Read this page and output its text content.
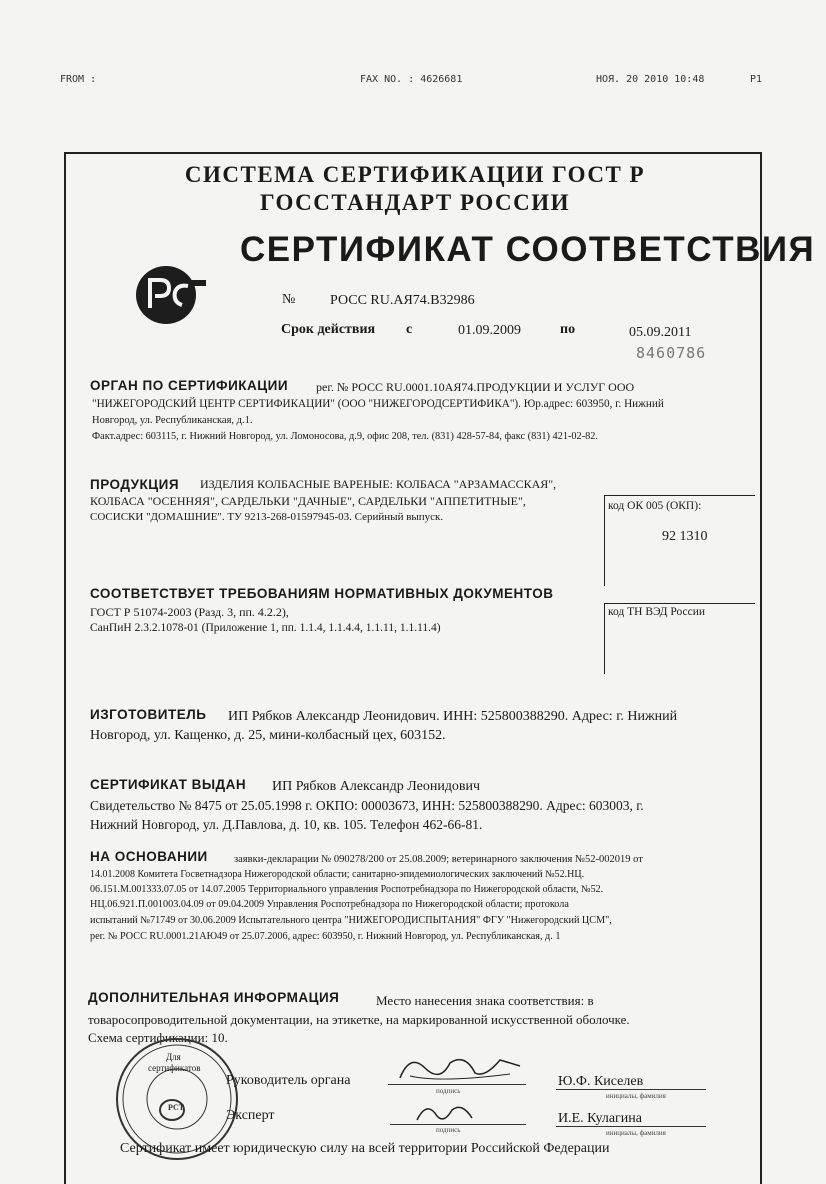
FROM :	FAX NO. : 4626681	НОЯ. 20 2010 10:48	P1
СИСТЕМА СЕРТИФИКАЦИИ ГОСТ Р
ГОССТАНДАРТ РОССИИ
СЕРТИФИКАТ СООТВЕТСТВИЯ
№ РОСС RU.АЯ74.В32986
Срок действия с	01.09.2009	по	05.09.2011
8460786
ОРГАН ПО СЕРТИФИКАЦИИ рег. № РОСС RU.0001.10АЯ74.ПРОДУКЦИИ И УСЛУГ ООО
"НИЖЕГОРОДСКИЙ ЦЕНТР СЕРТИФИКАЦИИ" (ООО "НИЖЕГОРОДСЕРТИФИКА"). Юр.адрес: 603950, г. Нижний
Новгород, ул. Республиканская, д.1.
Факт.адрес: 603115, г. Нижний Новгород, ул. Ломоносова, д.9, офис 208, тел. (831) 428-57-84, факс (831) 421-02-82.
ПРОДУКЦИЯ ИЗДЕЛИЯ КОЛБАСНЫЕ ВАРЕНЫЕ: КОЛБАСА "АРЗАМАССКАЯ",
КОЛБАСА "ОСЕННЯЯ", САРДЕЛЬКИ "ДАЧНЫЕ", САРДЕЛЬКИ "АППЕТИТНЫЕ",
СОСИСКИ "ДОМАШНИЕ". ТУ 9213-268-01597945-03. Серийный выпуск.
код ОК 005 (ОКП):
92 1310
СООТВЕТСТВУЕТ ТРЕБОВАНИЯМ НОРМАТИВНЫХ ДОКУМЕНТОВ
ГОСТ Р 51074-2003 (Разд. 3, пп. 4.2.2),
СанПиН 2.3.2.1078-01 (Приложение 1, пп. 1.1.4, 1.1.4.4, 1.1.11, 1.1.11.4)
код ТН ВЭД России
ИЗГОТОВИТЕЛЬ ИП Рябков Александр Леонидович. ИНН: 525800388290. Адрес: г. Нижний
Новгород, ул. Кащенко, д. 25, мини-колбасный цех, 603152.
СЕРТИФИКАТ ВЫДАН ИП Рябков Александр Леонидович
Свидетельство № 8475 от 25.05.1998 г. ОКПО: 00003673, ИНН: 525800388290. Адрес: 603003, г.
Нижний Новгород, ул. Д.Павлова, д. 10, кв. 105. Телефон 462-66-81.
НА ОСНОВАНИИ	заявки-декларации № 090278/200 от 25.08.2009; ветеринарного заключения №52-002019 от
14.01.2008 Комитета Госветнадзора Нижегородской области; санитарно-эпидемиологических заключений №52.НЦ.
06.151.М.001333.07.05 от 14.07.2005 Территориального управления Роспотребнадзора по Нижегородской области, №52.
НЦ.06.921.П.001003.04.09 от 09.04.2009 Управления Роспотребнадзора по Нижегородской области; протокола
испытаний №71749 от 30.06.2009 Испытательного центра "НИЖЕГОРОДИСПЫТАНИЯ" ФГУ "Нижегородский ЦСМ",
рег. № РОСС RU.0001.21АЮ49 от 25.07.2006, адрес: 603950, г. Нижний Новгород, ул. Республиканская, д. 1
ДОПОЛНИТЕЛЬНАЯ ИНФОРМАЦИЯ	Место нанесения знака соответствия: в
товаросопроводительной документации, на этикетке, на маркированной искусственной оболочке.
Схема сертификации: 10.
Для
сертификатов
РСТ
Руководитель органа
подпись
Ю.Ф. Киселев
инициалы, фамилия
Эксперт
подпись
И.Е. Кулагина
инициалы, фамилия
Сертификат имеет юридическую силу на всей территории Российской Федерации
